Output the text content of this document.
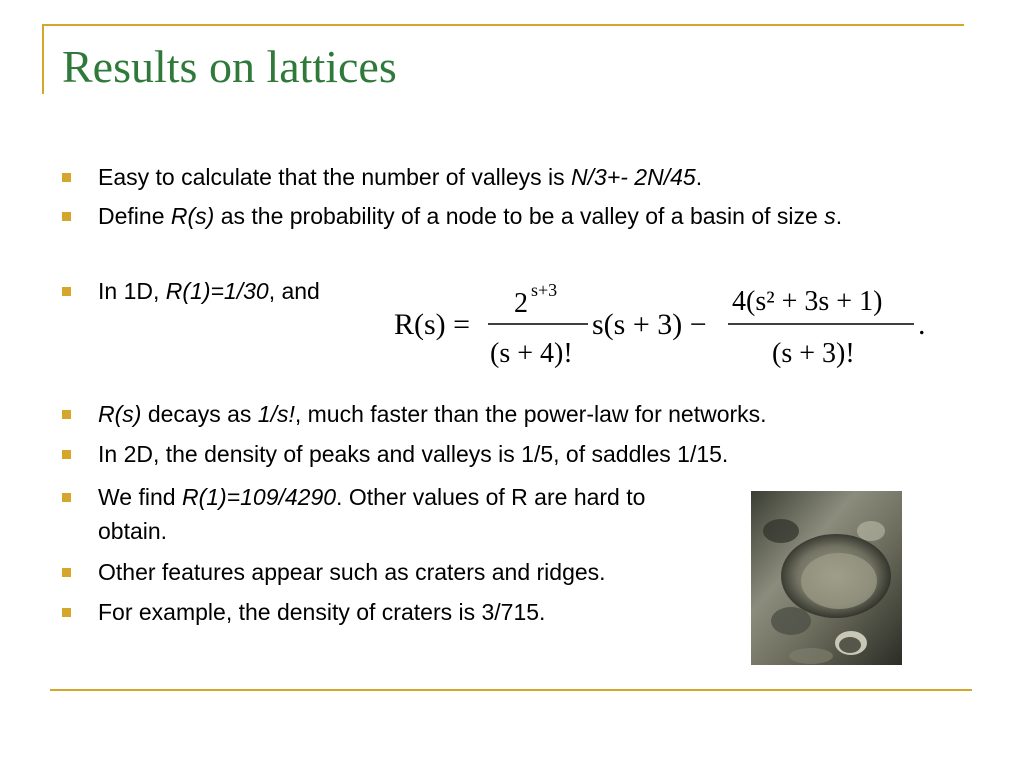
Results on lattices
Easy to calculate that the number of valleys is N/3+- 2N/45.
Define R(s) as the probability of a node to be a valley of a basin of size s.
In 1D, R(1)=1/30, and
R(s) decays as 1/s!, much faster than the power-law for networks.
In 2D, the density of peaks and valleys is 1/5, of saddles 1/15.
We find R(1)=109/4290. Other values of R are hard to obtain.
Other features appear such as craters and ridges.
For example, the density of craters is 3/715.
R(s) =
2 s+3
(s + 4)!
s(s + 3) −
4(s² + 3s + 1)
(s + 3)!
.
